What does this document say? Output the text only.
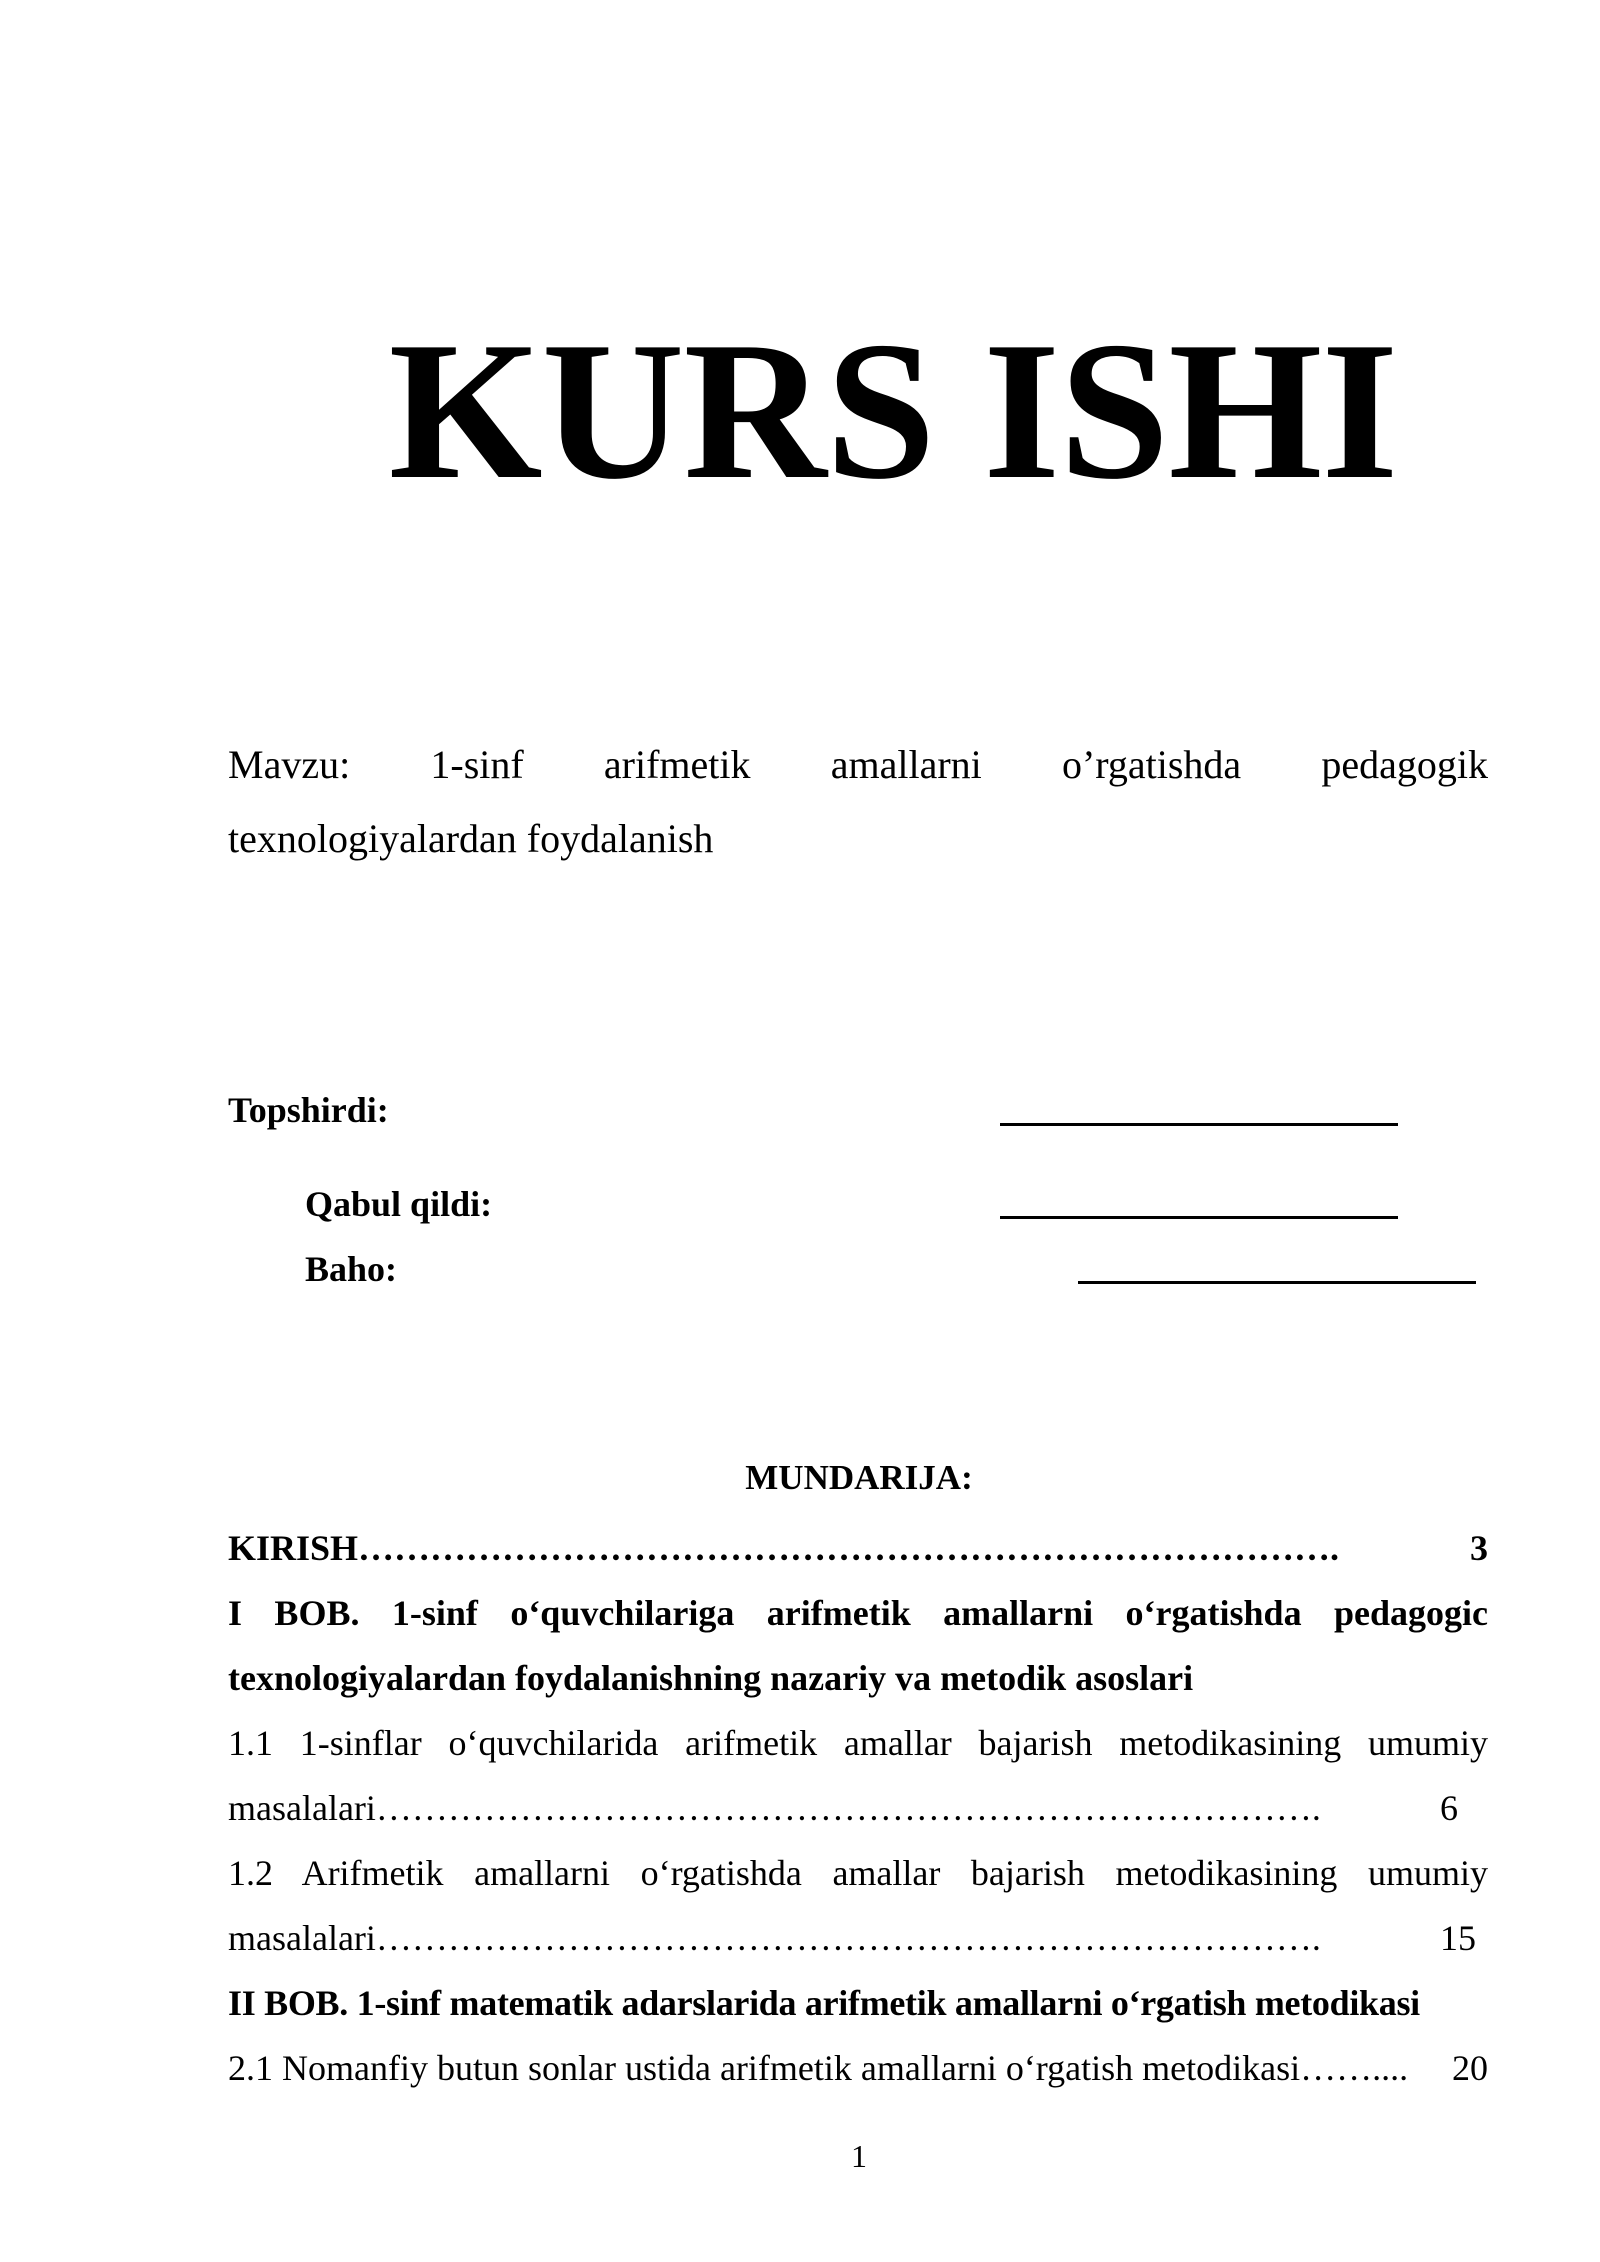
KURS ISHI
Mavzu: 1-sinf arifmetik amallarni o’rgatishda pedagogik
texnologiyalardan foydalanish
Topshirdi:
Qabul qildi:
Baho:
MUNDARIJA:
KIRISH ……………………………………………………………………….	3
I BOB. 1-sinf o‘quvchilariga arifmetik amallarni o‘rgatishda pedagogic
texnologiyalardan foydalanishning nazariy va metodik asoslari
1.1 1-sinflar o‘quvchilarida arifmetik amallar bajarish metodikasining umumiy
masalalari …………………………………………………………………….	6
1.2 Arifmetik amallarni o‘rgatishda amallar bajarish metodikasining umumiy
masalalari …………………………………………………………………….	15
II BOB. 1-sinf matematik adarslarida arifmetik amallarni o‘rgatish metodikasi
2.1 Nomanfiy butun sonlar ustida arifmetik amallarni o‘rgatish metodikasi ……....	20
1
